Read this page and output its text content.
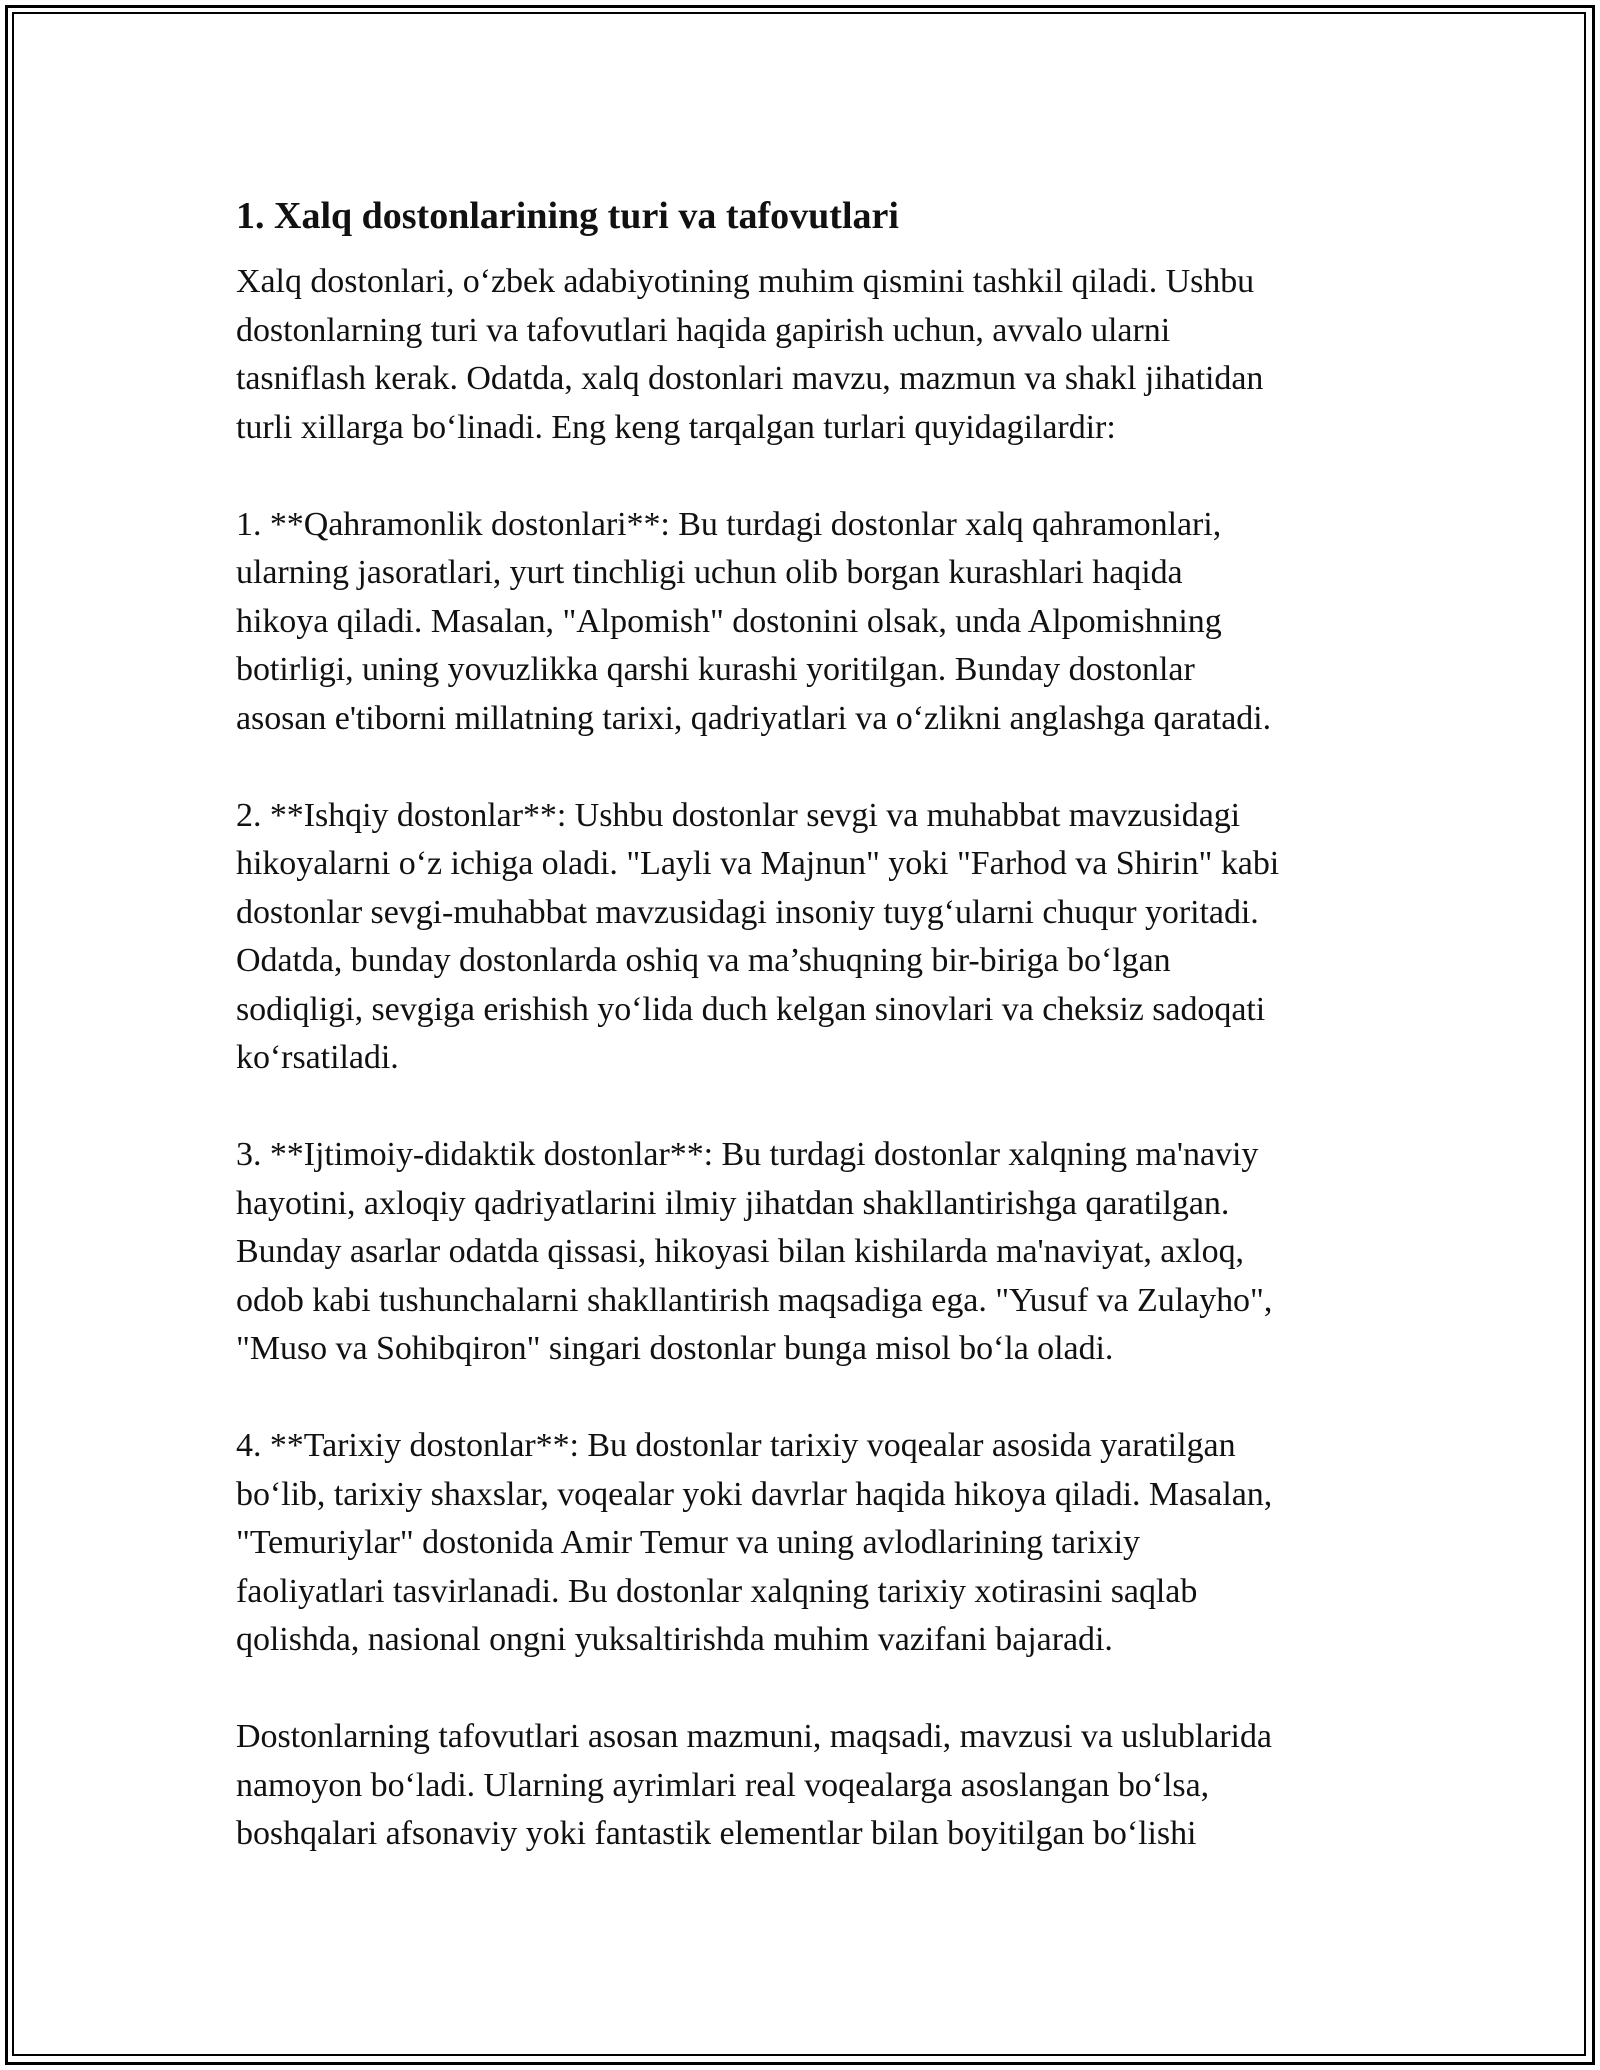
1. Xalq dostonlarining turi va tafovutlari

Xalq dostonlari, o‘zbek adabiyotining muhim qismini tashkil qiladi. Ushbu
dostonlarning turi va tafovutlari haqida gapirish uchun, avvalo ularni
tasniflash kerak. Odatda, xalq dostonlari mavzu, mazmun va shakl jihatidan
turli xillarga bo‘linadi. Eng keng tarqalgan turlari quyidagilardir:

1. **Qahramonlik dostonlari**: Bu turdagi dostonlar xalq qahramonlari,
ularning jasoratlari, yurt tinchligi uchun olib borgan kurashlari haqida
hikoya qiladi. Masalan, "Alpomish" dostonini olsak, unda Alpomishning
botirligi, uning yovuzlikka qarshi kurashi yoritilgan. Bunday dostonlar
asosan e'tiborni millatning tarixi, qadriyatlari va o‘zlikni anglashga qaratadi.

2. **Ishqiy dostonlar**: Ushbu dostonlar sevgi va muhabbat mavzusidagi
hikoyalarni o‘z ichiga oladi. "Layli va Majnun" yoki "Farhod va Shirin" kabi
dostonlar sevgi-muhabbat mavzusidagi insoniy tuyg‘ularni chuqur yoritadi.
Odatda, bunday dostonlarda oshiq va ma’shuqning bir-biriga bo‘lgan
sodiqligi, sevgiga erishish yo‘lida duch kelgan sinovlari va cheksiz sadoqati
ko‘rsatiladi.

3. **Ijtimoiy-didaktik dostonlar**: Bu turdagi dostonlar xalqning ma'naviy
hayotini, axloqiy qadriyatlarini ilmiy jihatdan shakllantirishga qaratilgan.
Bunday asarlar odatda qissasi, hikoyasi bilan kishilarda ma'naviyat, axloq,
odob kabi tushunchalarni shakllantirish maqsadiga ega. "Yusuf va Zulayho",
"Muso va Sohibqiron" singari dostonlar bunga misol bo‘la oladi.

4. **Tarixiy dostonlar**: Bu dostonlar tarixiy voqealar asosida yaratilgan
bo‘lib, tarixiy shaxslar, voqealar yoki davrlar haqida hikoya qiladi. Masalan,
"Temuriylar" dostonida Amir Temur va uning avlodlarining tarixiy
faoliyatlari tasvirlanadi. Bu dostonlar xalqning tarixiy xotirasini saqlab
qolishda, nasional ongni yuksaltirishda muhim vazifani bajaradi.

Dostonlarning tafovutlari asosan mazmuni, maqsadi, mavzusi va uslublarida
namoyon bo‘ladi. Ularning ayrimlari real voqealarga asoslangan bo‘lsa,
boshqalari afsonaviy yoki fantastik elementlar bilan boyitilgan bo‘lishi
